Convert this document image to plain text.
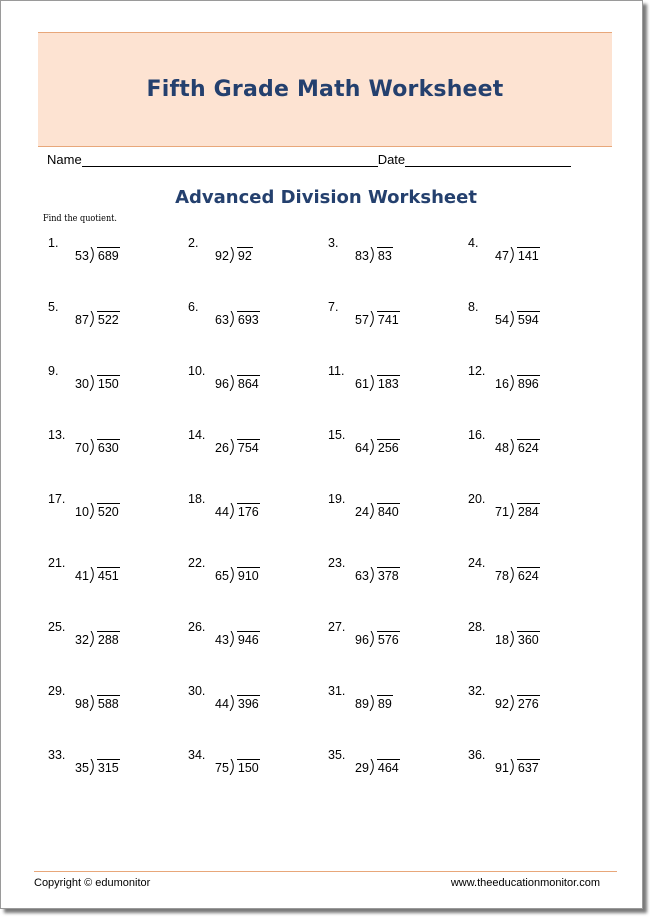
Fifth Grade Math Worksheet
Name	Date
Advanced Division Worksheet
Find the quotient.
1.
53 689
2.
92 92
3.
83 83
4.
47 141
5.
87 522
6.
63 693
7.
57 741
8.
54 594
9.
30 150
10.
96 864
11.
61 183
12.
16 896
13.
70 630
14.
26 754
15.
64 256
16.
48 624
17.
10 520
18.
44 176
19.
24 840
20.
71 284
21.
41 451
22.
65 910
23.
63 378
24.
78 624
25.
32 288
26.
43 946
27.
96 576
28.
18 360
29.
98 588
30.
44 396
31.
89 89
32.
92 276
33.
35 315
34.
75 150
35.
29 464
36.
91 637
Copyright © edumonitor	www.theeducationmonitor.com
